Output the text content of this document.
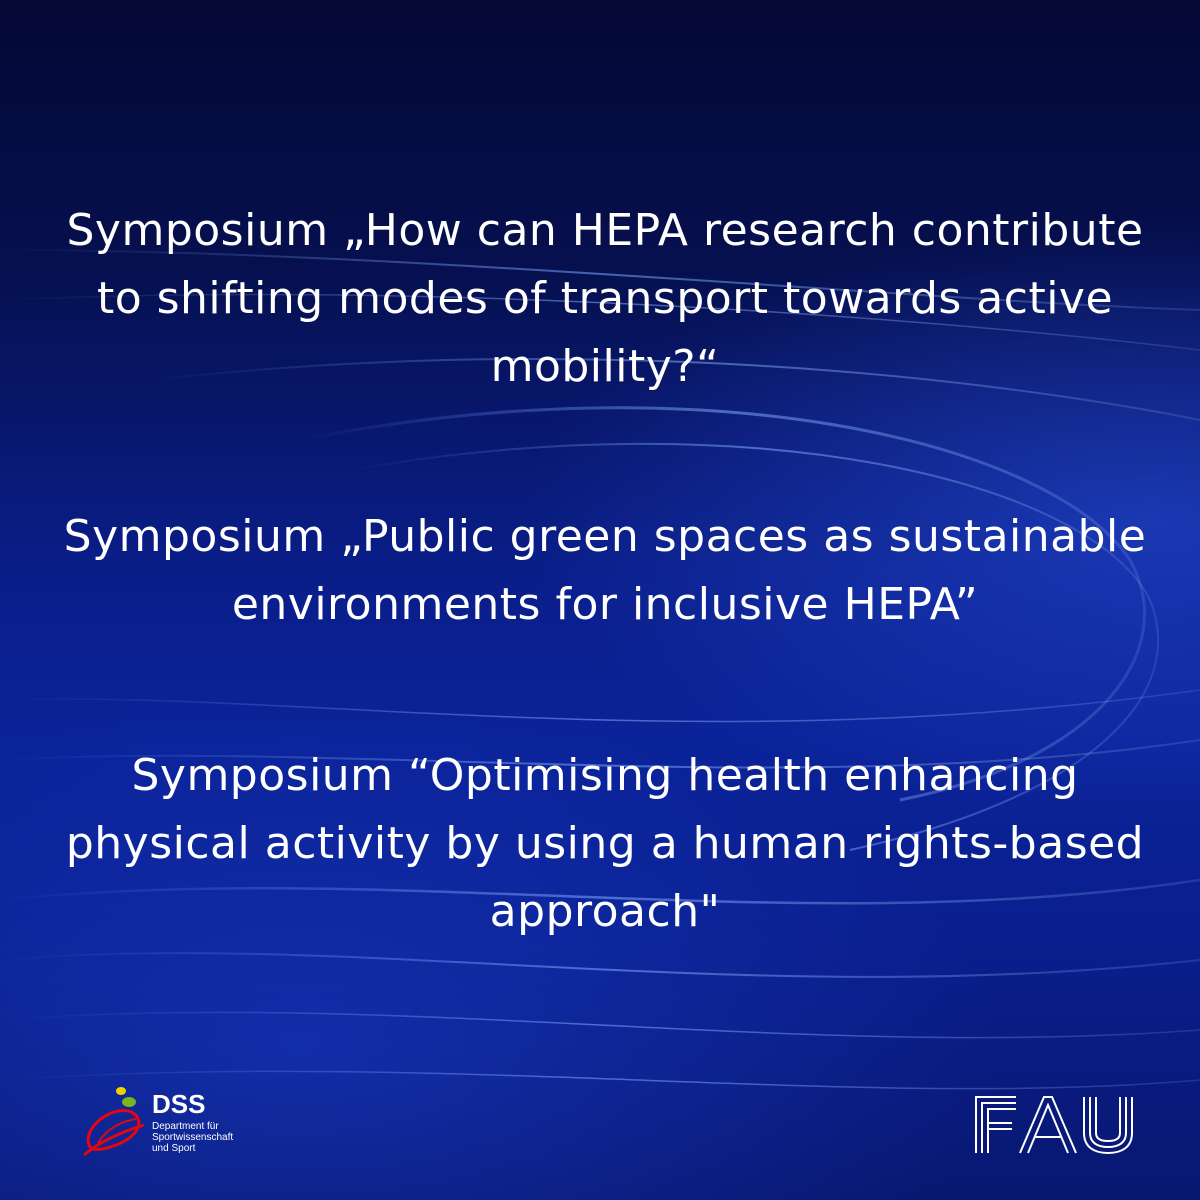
Symposium „How can HEPA research contribute
to shifting modes of transport towards active
mobility?“
Symposium „Public green spaces as sustainable
environments for inclusive HEPA”
Symposium “Optimising health enhancing
physical activity by using a human rights-based
approach"
DSS
Department für
Sportwissenschaft
und Sport
FAU
